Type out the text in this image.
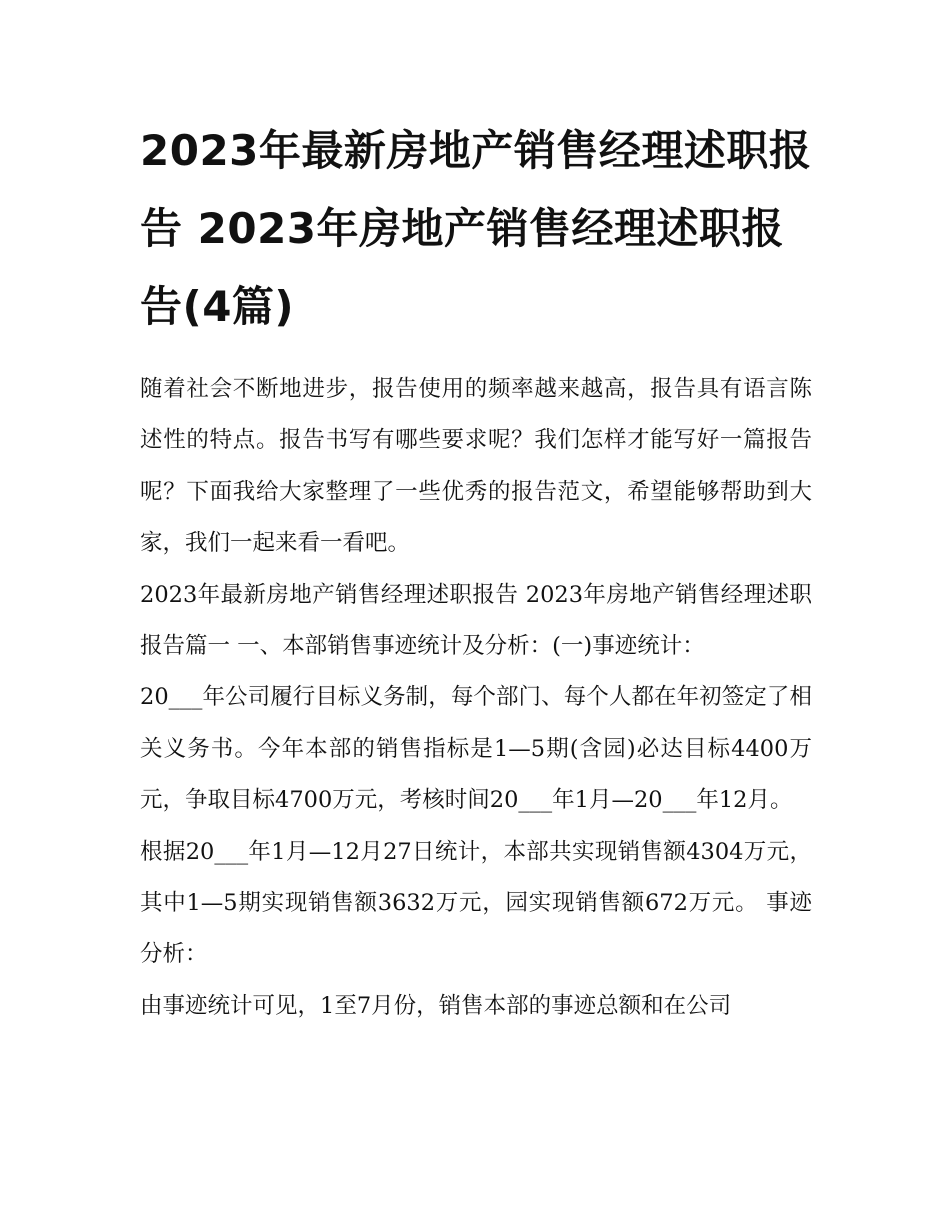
2023年最新房地产销售经理述职报告 2023年房地产销售经理述职报告(4篇)

随着社会不断地进步，报告使用的频率越来越高，报告具有语言陈述性的特点。报告书写有哪些要求呢？我们怎样才能写好一篇报告呢？下面我给大家整理了一些优秀的报告范文，希望能够帮助到大家，我们一起来看一看吧。

2023年最新房地产销售经理述职报告 2023年房地产销售经理述职报告篇一 一、本部销售事迹统计及分析：(一)事迹统计：

20___年公司履行目标义务制，每个部门、每个人都在年初签定了相关义务书。今年本部的销售指标是1—5期(含园)必达目标4400万元，争取目标4700万元，考核时间20___年1月—20___年12月。

根据20___年1月—12月27日统计，本部共实现销售额4304万元，其中1—5期实现销售额3632万元，园实现销售额672万元。 事迹分析：

由事迹统计可见，1至7月份，销售本部的事迹总额和在公司
